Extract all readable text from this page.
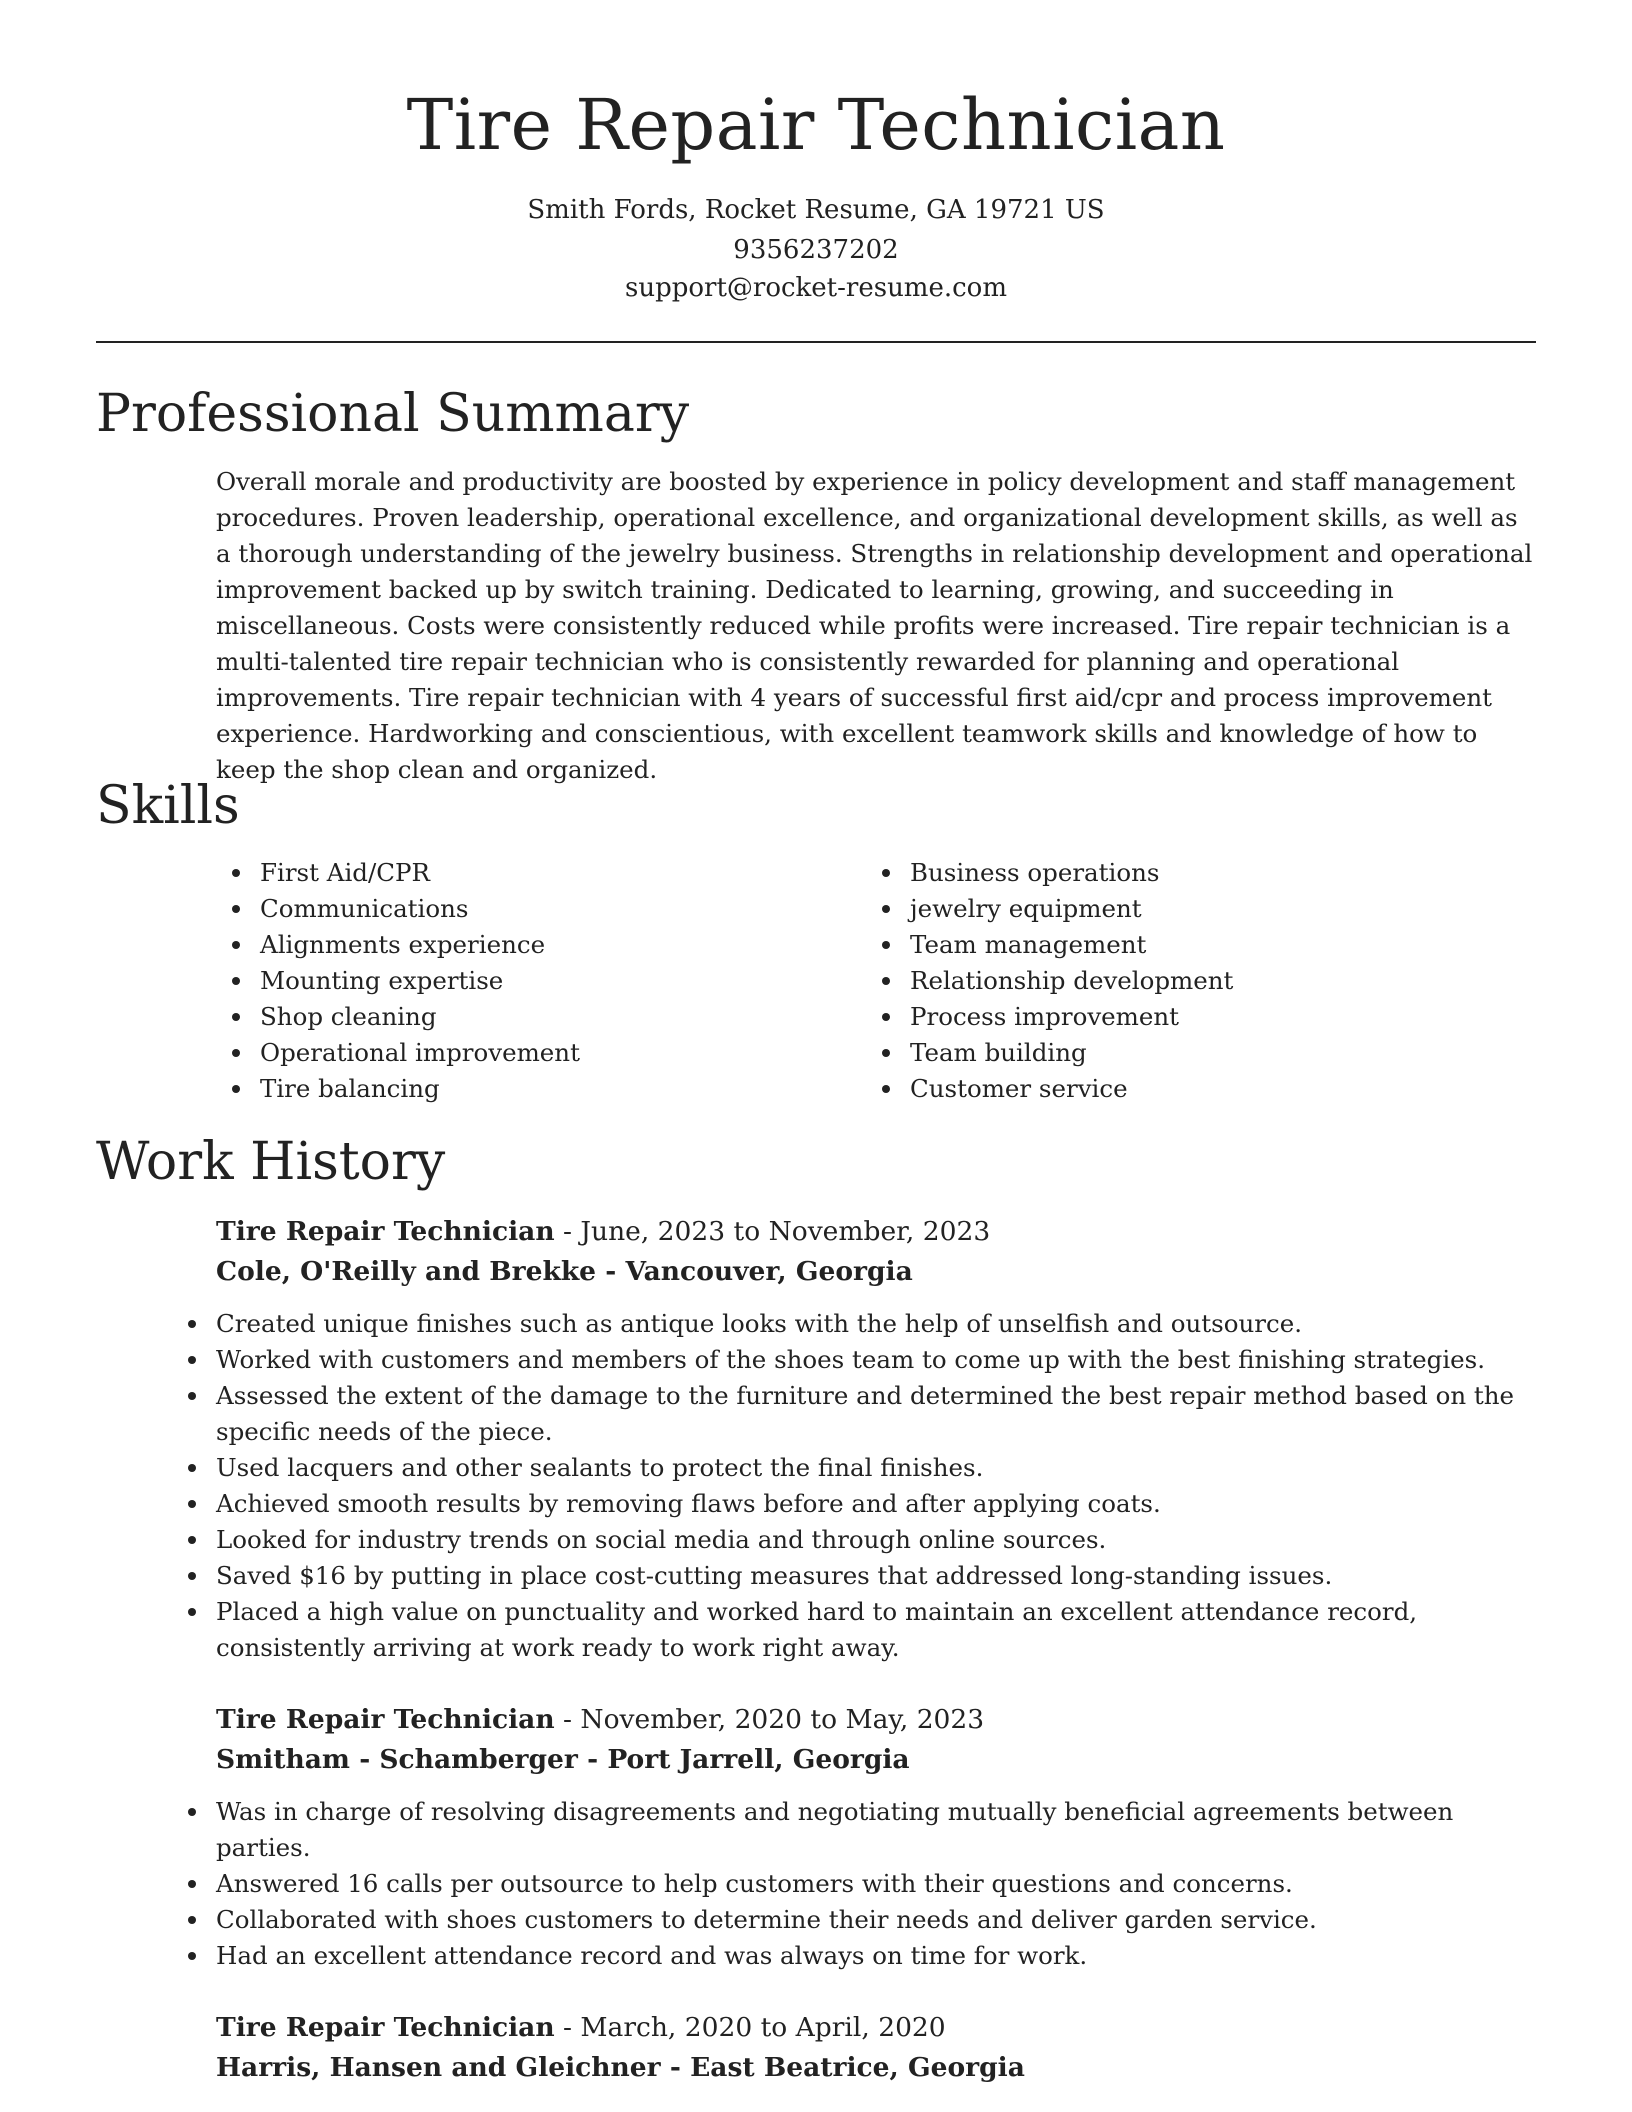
Tire Repair Technician
Smith Fords, Rocket Resume, GA 19721 US
9356237202
support@rocket-resume.com
Professional Summary

Overall morale and productivity are boosted by experience in policy development and staff management procedures. Proven leadership, operational excellence, and organizational development skills, as well as a thorough understanding of the jewelry business. Strengths in relationship development and operational improvement backed up by switch training. Dedicated to learning, growing, and succeeding in miscellaneous. Costs were consistently reduced while profits were increased. Tire repair technician is a multi-talented tire repair technician who is consistently rewarded for planning and operational improvements. Tire repair technician with 4 years of successful first aid/cpr and process improvement experience. Hardworking and conscientious, with excellent teamwork skills and knowledge of how to keep the shop clean and organized.

Skills
First Aid/CPR
Communications
Alignments experience
Mounting expertise
Shop cleaning
Operational improvement
Tire balancing
Business operations
jewelry equipment
Team management
Relationship development
Process improvement
Team building
Customer service
Work History

Tire Repair Technician - June, 2023 to November, 2023

Cole, O'Reilly and Brekke - Vancouver, Georgia

Created unique finishes such as antique looks with the help of unselfish and outsource.
Worked with customers and members of the shoes team to come up with the best finishing strategies.
Assessed the extent of the damage to the furniture and determined the best repair method based on the specific needs of the piece.
Used lacquers and other sealants to protect the final finishes.
Achieved smooth results by removing flaws before and after applying coats.
Looked for industry trends on social media and through online sources.
Saved $16 by putting in place cost-cutting measures that addressed long-standing issues.
Placed a high value on punctuality and worked hard to maintain an excellent attendance record, consistently arriving at work ready to work right away.

Tire Repair Technician - November, 2020 to May, 2023

Smitham - Schamberger - Port Jarrell, Georgia

Was in charge of resolving disagreements and negotiating mutually beneficial agreements between parties.
Answered 16 calls per outsource to help customers with their questions and concerns.
Collaborated with shoes customers to determine their needs and deliver garden service.
Had an excellent attendance record and was always on time for work.

Tire Repair Technician - March, 2020 to April, 2020

Harris, Hansen and Gleichner - East Beatrice, Georgia
